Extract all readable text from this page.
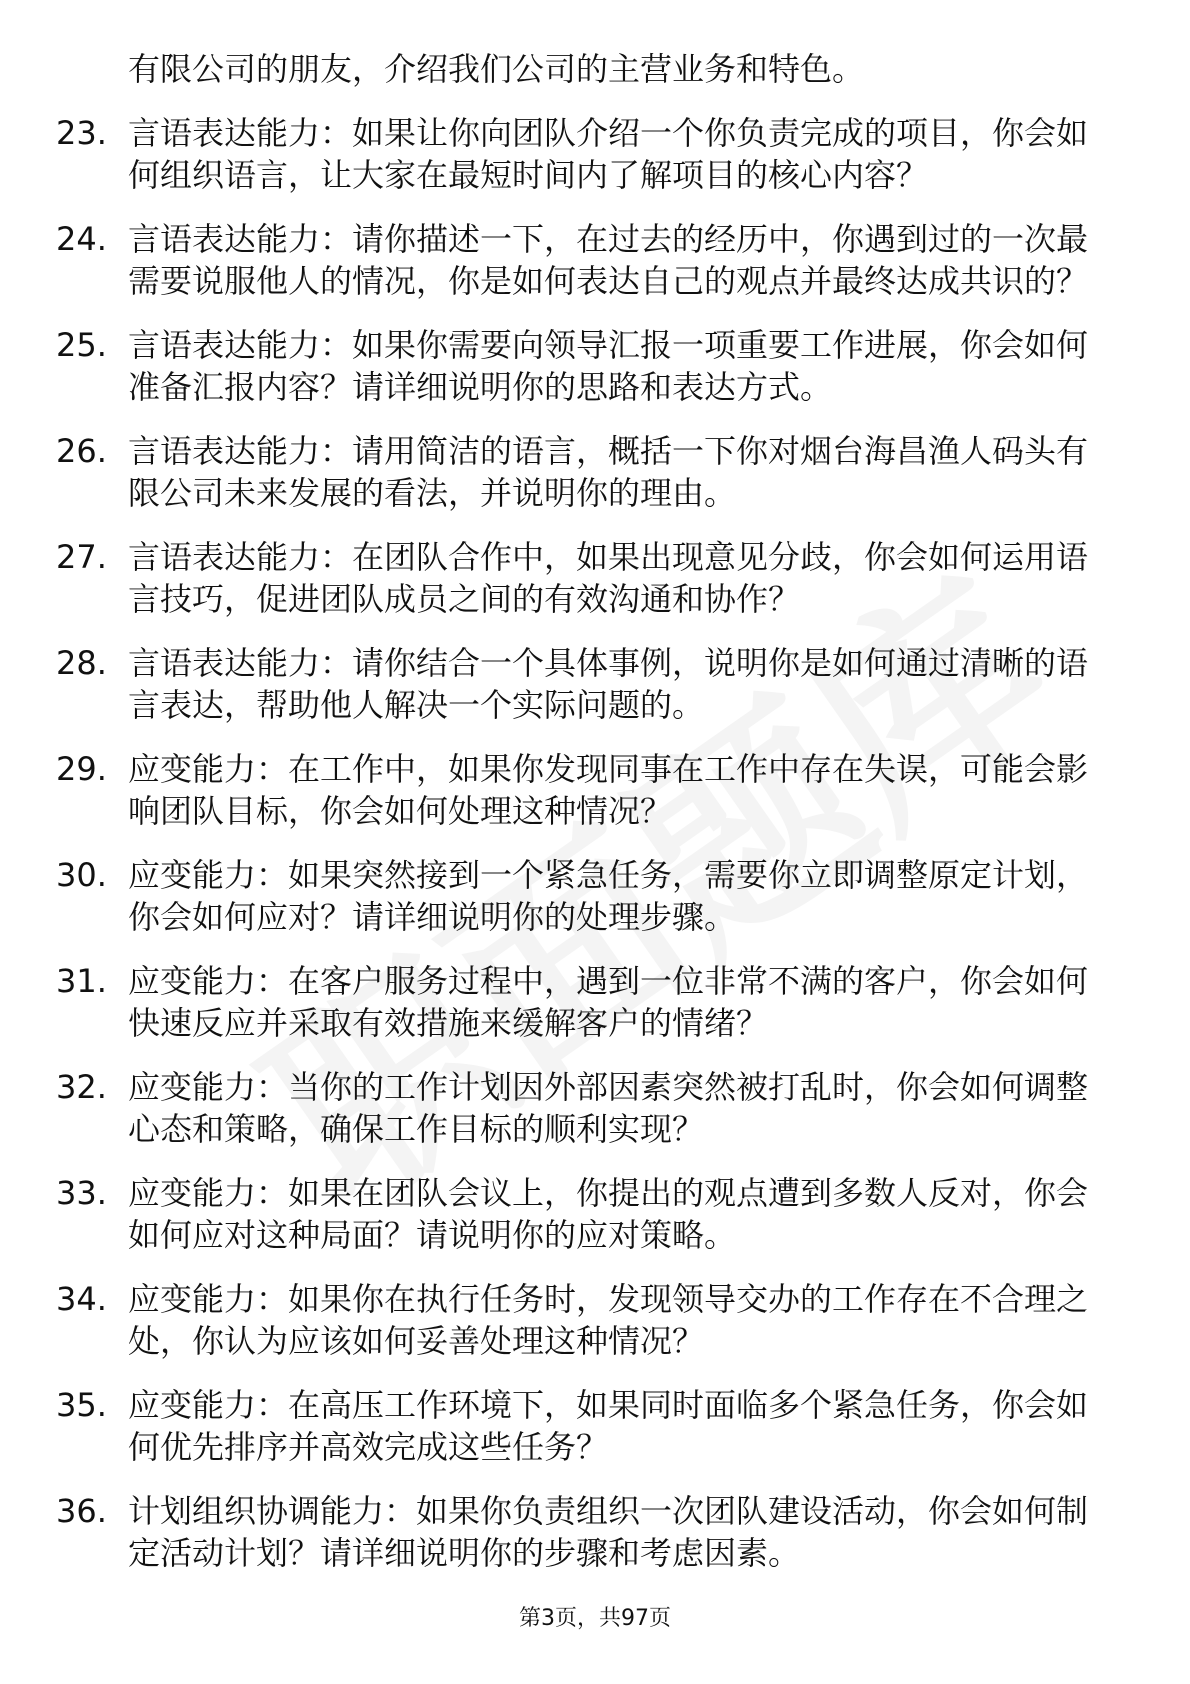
有限公司的朋友，介绍我们公司的主营业务和特色。
23. 言语表达能力：如果让你向团队介绍一个你负责完成的项目，你会如何组织语言，让大家在最短时间内了解项目的核心内容？
24. 言语表达能力：请你描述一下，在过去的经历中，你遇到过的一次最需要说服他人的情况，你是如何表达自己的观点并最终达成共识的？
25. 言语表达能力：如果你需要向领导汇报一项重要工作进展，你会如何准备汇报内容？请详细说明你的思路和表达方式。
26. 言语表达能力：请用简洁的语言，概括一下你对烟台海昌渔人码头有限公司未来发展的看法，并说明你的理由。
27. 言语表达能力：在团队合作中，如果出现意见分歧，你会如何运用语言技巧，促进团队成员之间的有效沟通和协作？
28. 言语表达能力：请你结合一个具体事例，说明你是如何通过清晰的语言表达，帮助他人解决一个实际问题的。
29. 应变能力：在工作中，如果你发现同事在工作中存在失误，可能会影响团队目标，你会如何处理这种情况？
30. 应变能力：如果突然接到一个紧急任务，需要你立即调整原定计划，你会如何应对？请详细说明你的处理步骤。
31. 应变能力：在客户服务过程中，遇到一位非常不满的客户，你会如何快速反应并采取有效措施来缓解客户的情绪？
32. 应变能力：当你的工作计划因外部因素突然被打乱时，你会如何调整心态和策略，确保工作目标的顺利实现？
33. 应变能力：如果在团队会议上，你提出的观点遭到多数人反对，你会如何应对这种局面？请说明你的应对策略。
34. 应变能力：如果你在执行任务时，发现领导交办的工作存在不合理之处，你认为应该如何妥善处理这种情况？
35. 应变能力：在高压工作环境下，如果同时面临多个紧急任务，你会如何优先排序并高效完成这些任务？
36. 计划组织协调能力：如果你负责组织一次团队建设活动，你会如何制定活动计划？请详细说明你的步骤和考虑因素。
第3页，共97页
